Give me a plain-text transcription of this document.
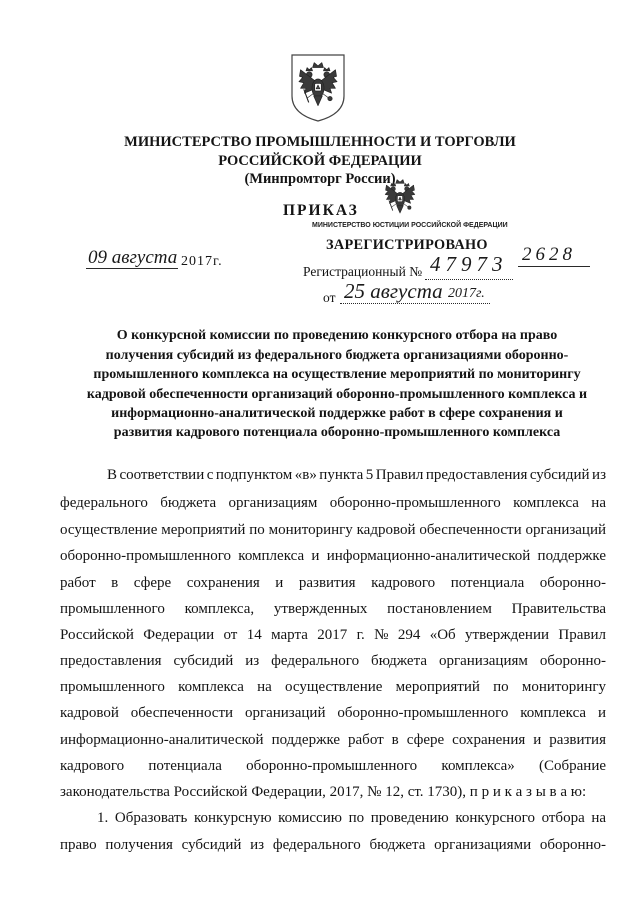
МИНИСТЕРСТВО ПРОМЫШЛЕННОСТИ И ТОРГОВЛИ
РОССИЙСКОЙ ФЕДЕРАЦИИ
(Минпромторг России)
ПРИКАЗ
МИНИСТЕРСТВО ЮСТИЦИИ РОССИЙСКОЙ ФЕДЕРАЦИИ
ЗАРЕГИСТРИРОВАНО
Регистрационный № 47973
от 25 августа 2017г.
09 августа 2017г.	2628
О конкурсной комиссии по проведению конкурсного отбора на право
получения субсидий из федерального бюджета организациями оборонно-
промышленного комплекса на осуществление мероприятий по мониторингу
кадровой обеспеченности организаций оборонно-промышленного комплекса и
информационно-аналитической поддержке работ в сфере сохранения и
развития кадрового потенциала оборонно-промышленного комплекса
В соответствии с подпунктом «в» пункта 5 Правил предоставления субсидий из
федерального бюджета организациям оборонно-промышленного комплекса на
осуществление мероприятий по мониторингу кадровой обеспеченности организаций
оборонно-промышленного комплекса и информационно-аналитической поддержке
работ в сфере сохранения и развития кадрового потенциала оборонно-
промышленного комплекса, утвержденных постановлением Правительства
Российской Федерации от 14 марта 2017 г. № 294 «Об утверждении Правил
предоставления субсидий из федерального бюджета организациям оборонно-
промышленного комплекса на осуществление мероприятий по мониторингу
кадровой обеспеченности организаций оборонно-промышленного комплекса и
информационно-аналитической поддержке работ в сфере сохранения и развития
кадрового потенциала оборонно-промышленного комплекса» (Собрание
законодательства Российской Федерации, 2017, № 12, ст. 1730), п р и к а з ы в а ю:
1. Образовать конкурсную комиссию по проведению конкурсного отбора на
право получения субсидий из федерального бюджета организациями оборонно-
